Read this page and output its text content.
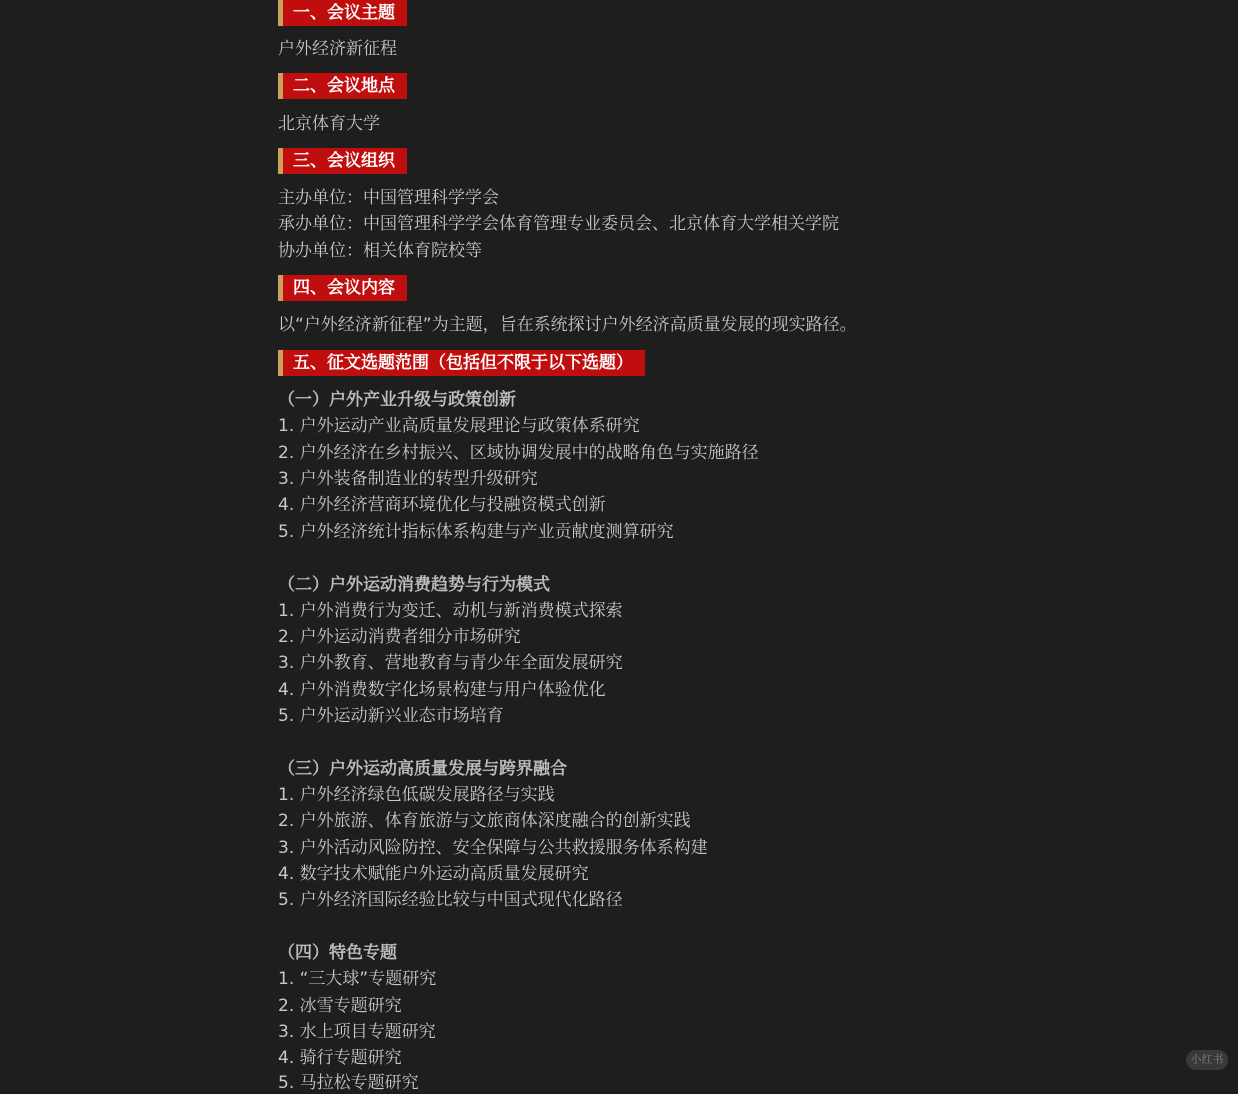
一、会议主题
户外经济新征程
二、会议地点
北京体育大学
三、会议组织
主办单位：中国管理科学学会
承办单位：中国管理科学学会体育管理专业委员会、北京体育大学相关学院
协办单位：相关体育院校等
四、会议内容
以“户外经济新征程”为主题，旨在系统探讨户外经济高质量发展的现实路径。
五、征文选题范围（包括但不限于以下选题）
（一）户外产业升级与政策创新
1. 户外运动产业高质量发展理论与政策体系研究
2. 户外经济在乡村振兴、区域协调发展中的战略角色与实施路径
3. 户外装备制造业的转型升级研究
4. 户外经济营商环境优化与投融资模式创新
5. 户外经济统计指标体系构建与产业贡献度测算研究
（二）户外运动消费趋势与行为模式
1. 户外消费行为变迁、动机与新消费模式探索
2. 户外运动消费者细分市场研究
3. 户外教育、营地教育与青少年全面发展研究
4. 户外消费数字化场景构建与用户体验优化
5. 户外运动新兴业态市场培育
（三）户外运动高质量发展与跨界融合
1. 户外经济绿色低碳发展路径与实践
2. 户外旅游、体育旅游与文旅商体深度融合的创新实践
3. 户外活动风险防控、安全保障与公共救援服务体系构建
4. 数字技术赋能户外运动高质量发展研究
5. 户外经济国际经验比较与中国式现代化路径
（四）特色专题
1. “三大球”专题研究
2. 冰雪专题研究
3. 水上项目专题研究
4. 骑行专题研究
5. 马拉松专题研究
小红书
